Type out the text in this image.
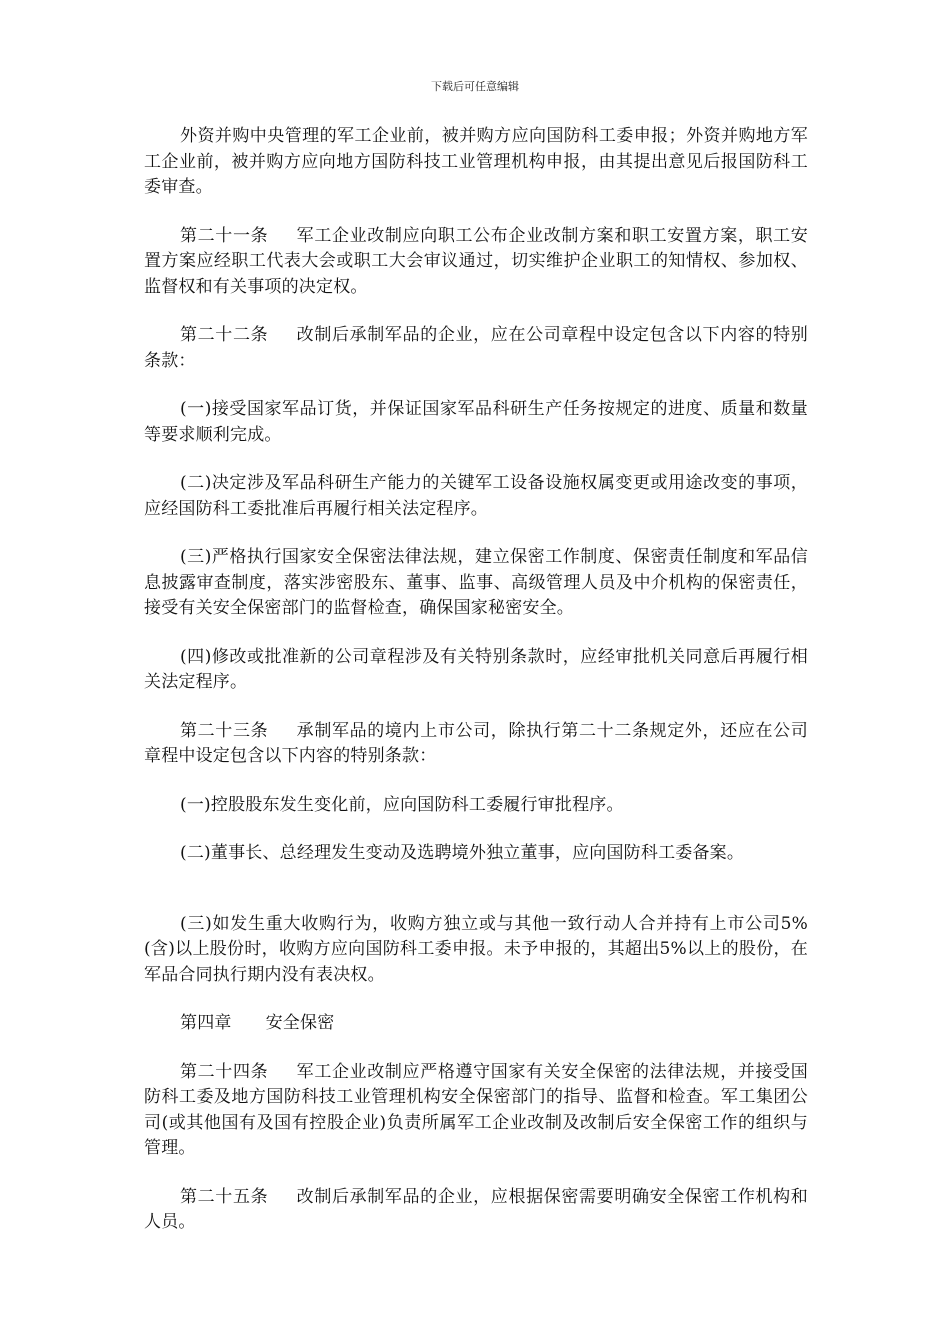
下载后可任意编辑

外资并购中央管理的军工企业前，被并购方应向国防科工委申报；外资并购地方军工企业前，被并购方应向地方国防科技工业管理机构申报，由其提出意见后报国防科工委审查。

第二十一条 军工企业改制应向职工公布企业改制方案和职工安置方案，职工安置方案应经职工代表大会或职工大会审议通过，切实维护企业职工的知情权、参加权、监督权和有关事项的决定权。

第二十二条 改制后承制军品的企业，应在公司章程中设定包含以下内容的特别条款：

(一)接受国家军品订货，并保证国家军品科研生产任务按规定的进度、质量和数量等要求顺利完成。

(二)决定涉及军品科研生产能力的关键军工设备设施权属变更或用途改变的事项，应经国防科工委批准后再履行相关法定程序。

(三)严格执行国家安全保密法律法规，建立保密工作制度、保密责任制度和军品信息披露审查制度，落实涉密股东、董事、监事、高级管理人员及中介机构的保密责任，接受有关安全保密部门的监督检查，确保国家秘密安全。

(四)修改或批准新的公司章程涉及有关特别条款时，应经审批机关同意后再履行相关法定程序。

第二十三条 承制军品的境内上市公司，除执行第二十二条规定外，还应在公司章程中设定包含以下内容的特别条款：

(一)控股股东发生变化前，应向国防科工委履行审批程序。

(二)董事长、总经理发生变动及选聘境外独立董事，应向国防科工委备案。

(三)如发生重大收购行为，收购方独立或与其他一致行动人合并持有上市公司5%(含)以上股份时，收购方应向国防科工委申报。未予申报的，其超出5%以上的股份，在军品合同执行期内没有表决权。

第四章 安全保密

第二十四条 军工企业改制应严格遵守国家有关安全保密的法律法规，并接受国防科工委及地方国防科技工业管理机构安全保密部门的指导、监督和检查。军工集团公司(或其他国有及国有控股企业)负责所属军工企业改制及改制后安全保密工作的组织与管理。

第二十五条 改制后承制军品的企业，应根据保密需要明确安全保密工作机构和人员。
